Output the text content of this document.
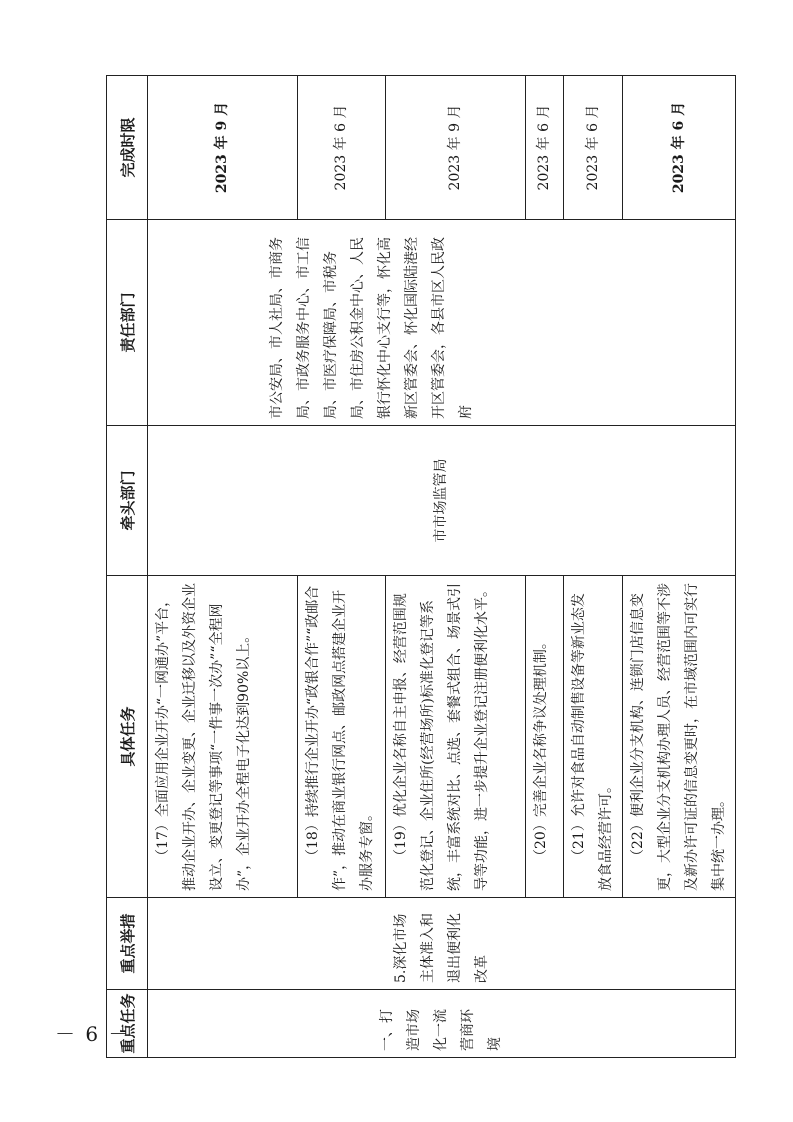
－ 6 －
重点任务	重点举措	具体任务	牵头部门	责任部门	完成时限
一、打造市场化一流营商环境	5.深化市场主体准入和退出便利化改革	（17）全面应用企业开办“一网通办”平台，推动企业开办、企业变更、企业迁移以及外资企业设立、变更登记等事项“一件事一次办”“全程网办”，企业开办全程电子化达到90%以上。	市市场监管局	市公安局、市人社局、市商务局、市政务服务中心、市工信局、市医疗保障局、市税务局、市住房公积金中心、人民银行怀化中心支行等，怀化高新区管委会、怀化国际陆港经开区管委会，各县市区人民政府	2023 年 9 月

		（18）持续推行企业开办“政银合作”“政邮合作”，推动在商业银行网点、邮政网点搭建企业开办服务专窗。			2023 年 6 月

		（19）优化企业名称自主申报、经营范围规范化登记、企业住所(经营场所)标准化登记等系统，丰富系统对比、点选、套餐式组合、场景式引导等功能，进一步提升企业登记注册便利化水平。			2023 年 9 月

		（20）完善企业名称争议处理机制。			2023 年 6 月

		（21）允许对食品自动制售设备等新业态发放食品经营许可。			2023 年 6 月

		（22）便利企业分支机构、连锁门店信息变更，大型企业分支机构办理人员、经营范围等不涉及新办许可证的信息变更时，在市域范围内可实行集中统一办理。			2023 年 6 月
